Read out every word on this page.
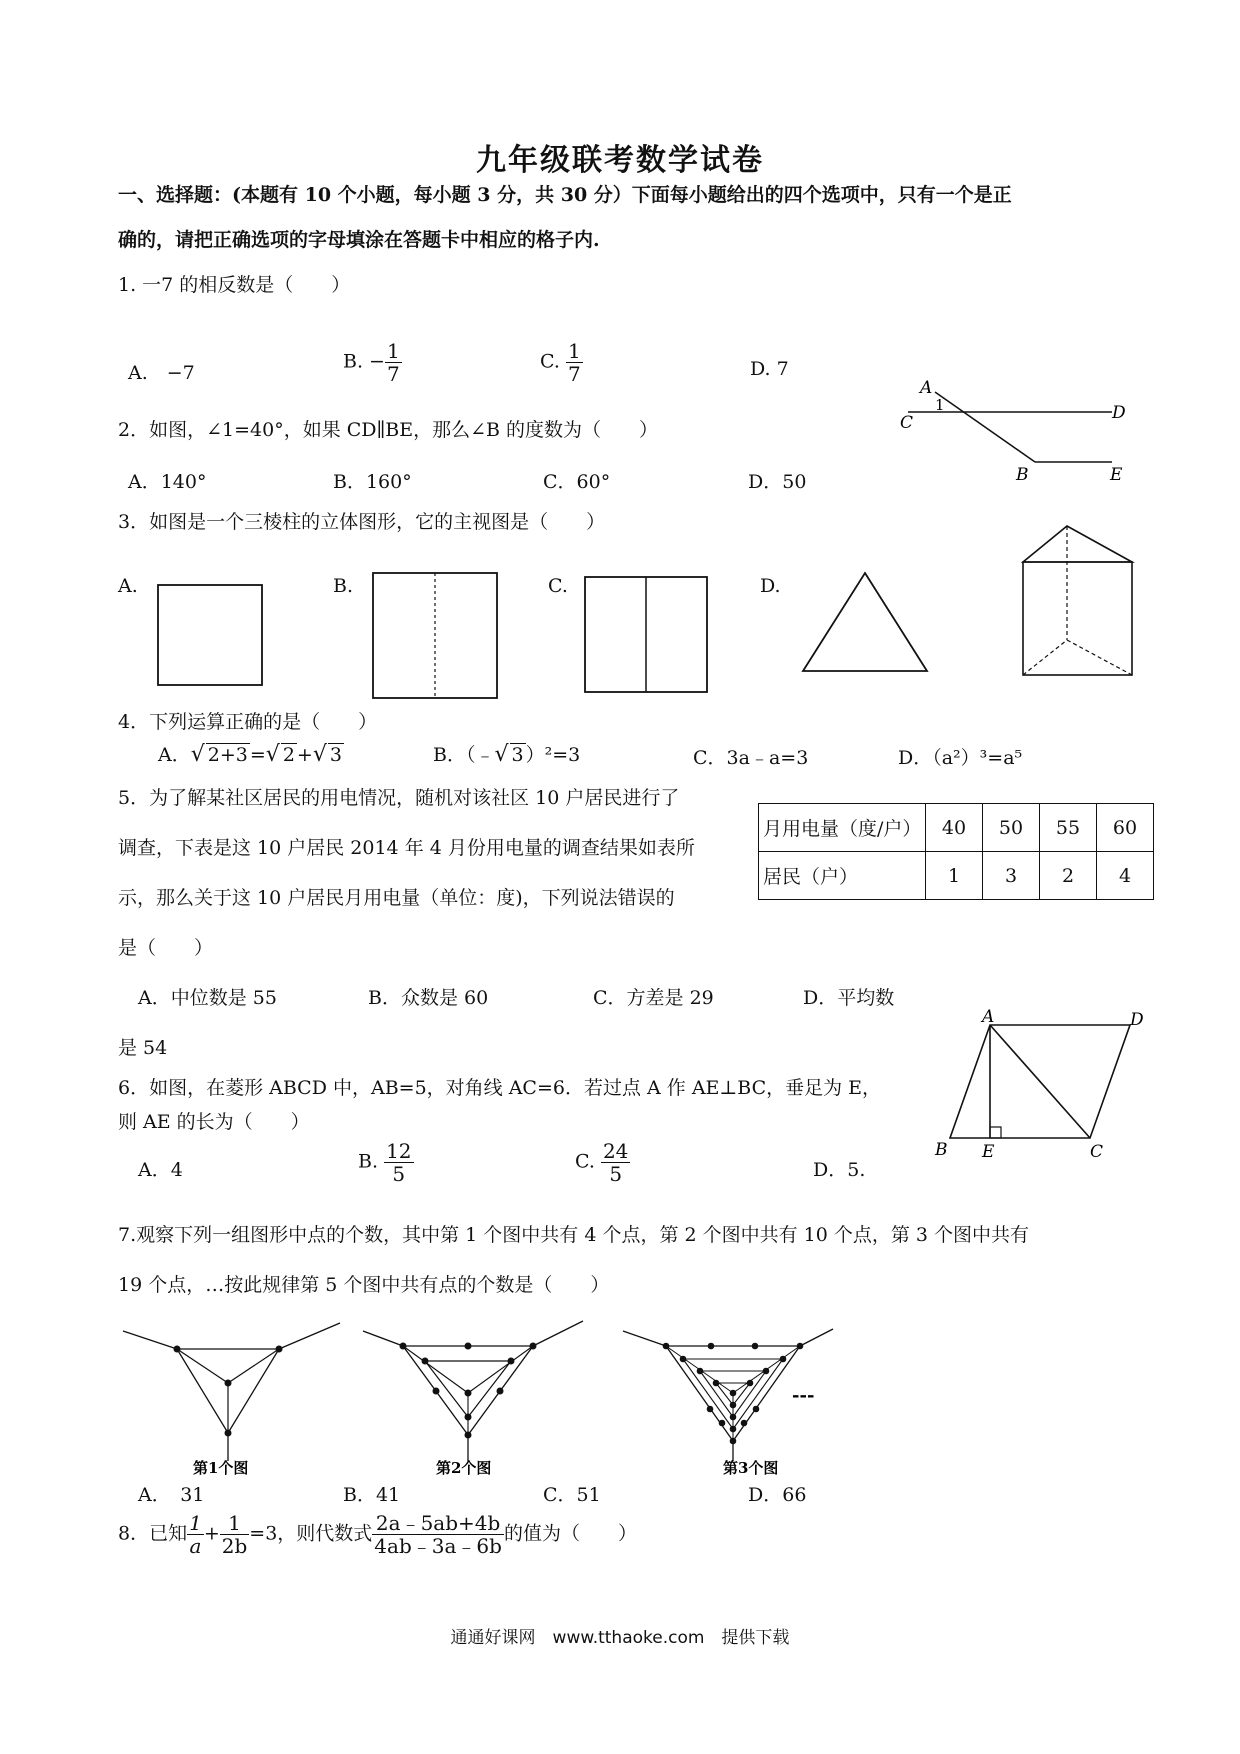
九年级联考数学试卷
一、选择题：(本题有 10 个小题，每小题 3 分，共 30 分）下面每小题给出的四个选项中，只有一个是正
确的，请把正确选项的字母填涂在答题卡中相应的格子内.
1. 一7 的相反数是（　　）
A.　−7
B. − $\frac{1}{7}$	C. $\frac{1}{7}$	D. 7
2．如图，∠1=40°，如果 CD∥BE，那么∠B 的度数为（　　）
A．140°	B．160°	C．60°	D．50
A
1
C	D
B	E
3．如图是一个三棱柱的立体图形，它的主视图是（　　）
A.	B.	C.	D.
4．下列运算正确的是（　　）
A．√ 2+3 =√ 2 +√ 3	B．（﹣√ 3 ）²=3	C．3a﹣a=3	D．（a²）³=a⁵
5．为了解某社区居民的用电情况，随机对该社区 10 户居民进行了
调查，下表是这 10 户居民 2014 年 4 月份用电量的调查结果如表所
示，那么关于这 10 户居民月用电量（单位：度)，下列说法错误的
是（　　）
月用电量（度/户）	40	50	55	60
居民（户）	1	3	2	4
A．中位数是 55	B．众数是 60	C．方差是 29	D．平均数
是 54
6．如图，在菱形 ABCD 中，AB=5，对角线 AC=6．若过点 A 作 AE⊥BC，垂足为 E，
则 AE 的长为（　　）
A．4	B. $\frac{12}{5}$	C. $\frac{24}{5}$	D．5.
A	D
B E	C
7.观察下列一组图形中点的个数，其中第 1 个图中共有 4 个点，第 2 个图中共有 10 个点，第 3 个图中共有
19 个点，…按此规律第 5 个图中共有点的个数是（　　）
第1个图	第2个图	第3个图
---
A．　31	B．41	C．51	D．66
8．已知 $\frac{1}{a} + \frac{1}{2b} =3$，则代数式 $\frac{2a﹣5ab+4b}{4ab﹣3a﹣6b}$ 的值为（　　）
通通好课网　www.tthaoke.com　提供下载
